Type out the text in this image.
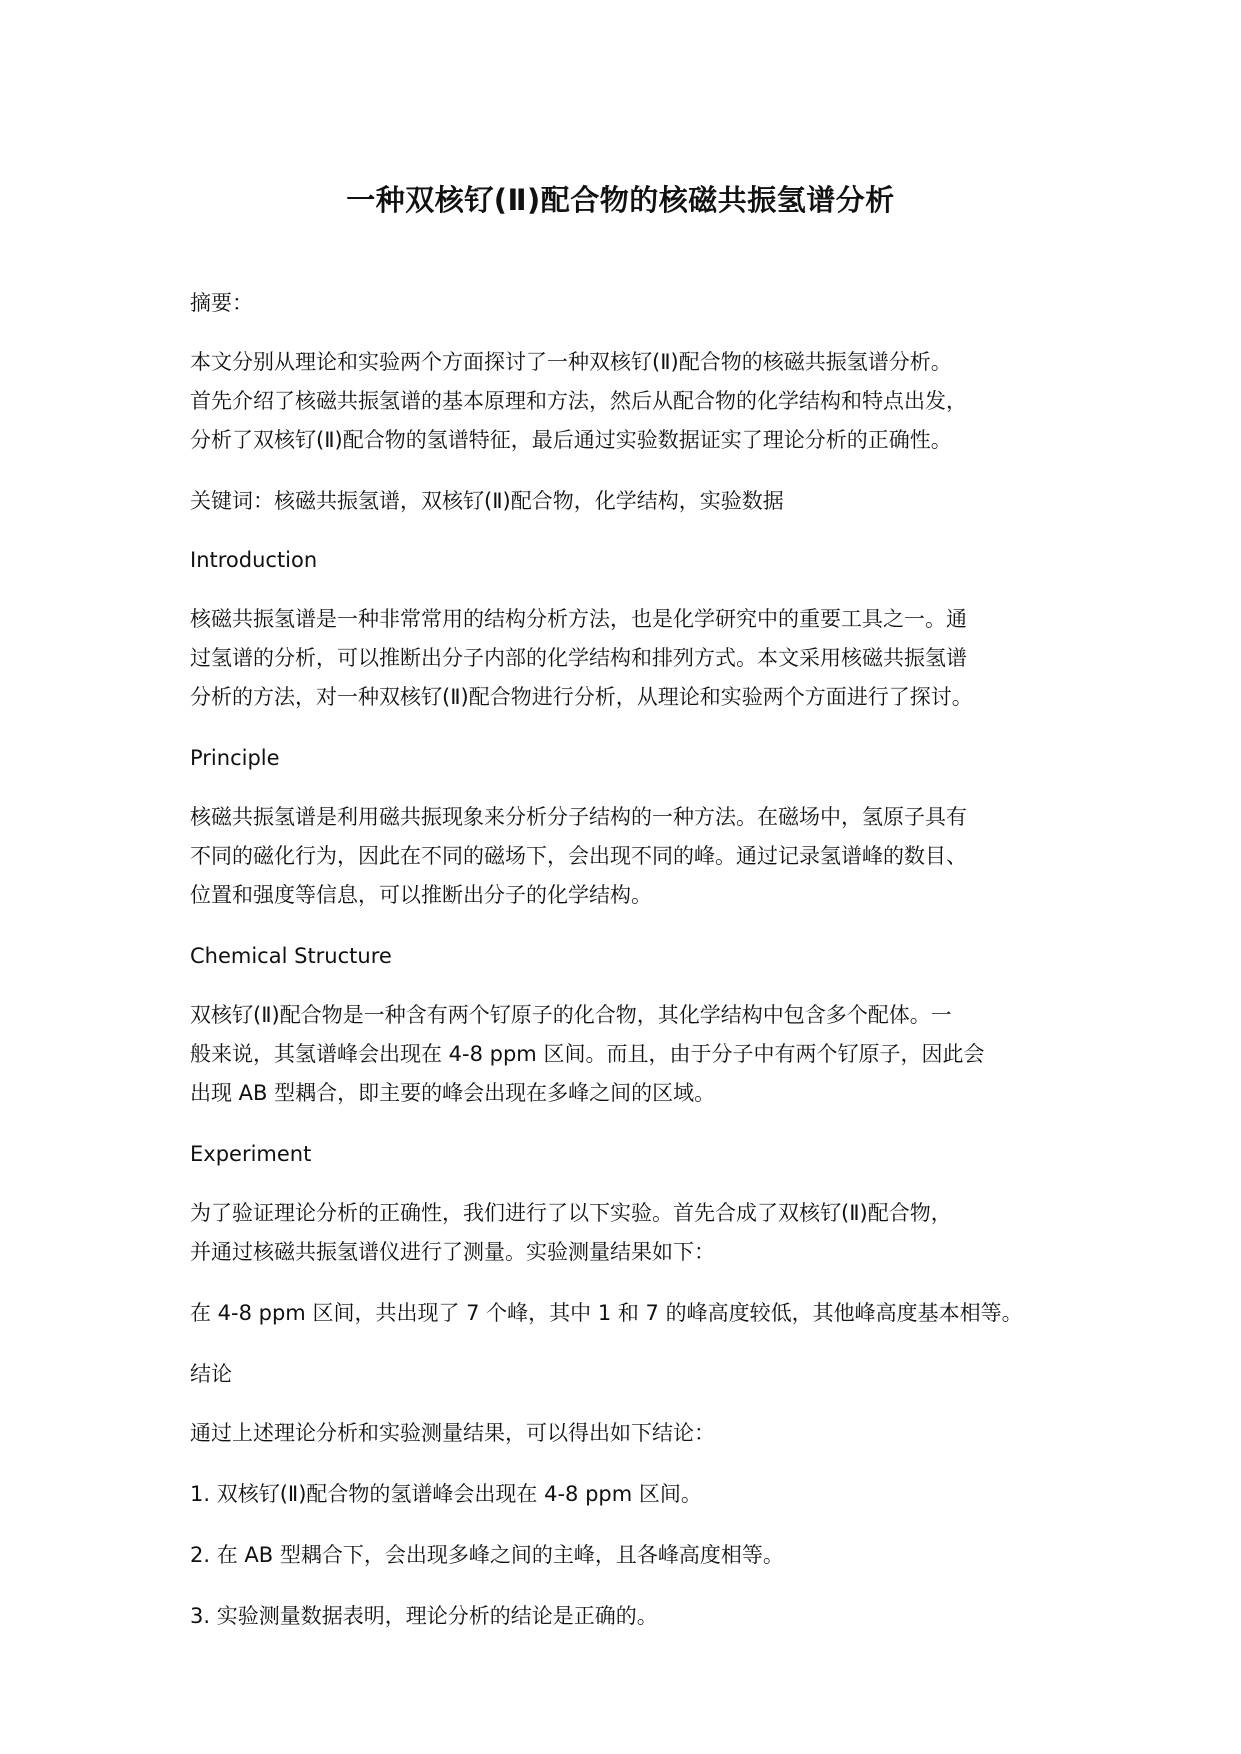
一种双核钌(Ⅱ)配合物的核磁共振氢谱分析
摘要：
本文分别从理论和实验两个方面探讨了一种双核钌(Ⅱ)配合物的核磁共振氢谱分析。
首先介绍了核磁共振氢谱的基本原理和方法，然后从配合物的化学结构和特点出发，
分析了双核钌(Ⅱ)配合物的氢谱特征，最后通过实验数据证实了理论分析的正确性。
关键词：核磁共振氢谱，双核钌(Ⅱ)配合物，化学结构，实验数据
Introduction
核磁共振氢谱是一种非常常用的结构分析方法，也是化学研究中的重要工具之一。通
过氢谱的分析，可以推断出分子内部的化学结构和排列方式。本文采用核磁共振氢谱
分析的方法，对一种双核钌(Ⅱ)配合物进行分析，从理论和实验两个方面进行了探讨。
Principle
核磁共振氢谱是利用磁共振现象来分析分子结构的一种方法。在磁场中，氢原子具有
不同的磁化行为，因此在不同的磁场下，会出现不同的峰。通过记录氢谱峰的数目、
位置和强度等信息，可以推断出分子的化学结构。
Chemical Structure
双核钌(Ⅱ)配合物是一种含有两个钌原子的化合物，其化学结构中包含多个配体。一
般来说，其氢谱峰会出现在 4-8 ppm 区间。而且，由于分子中有两个钌原子，因此会
出现 AB 型耦合，即主要的峰会出现在多峰之间的区域。
Experiment
为了验证理论分析的正确性，我们进行了以下实验。首先合成了双核钌(Ⅱ)配合物，
并通过核磁共振氢谱仪进行了测量。实验测量结果如下：
在 4-8 ppm 区间，共出现了 7 个峰，其中 1 和 7 的峰高度较低，其他峰高度基本相等。
结论
通过上述理论分析和实验测量结果，可以得出如下结论：
1. 双核钌(Ⅱ)配合物的氢谱峰会出现在 4-8 ppm 区间。
2. 在 AB 型耦合下，会出现多峰之间的主峰，且各峰高度相等。
3. 实验测量数据表明，理论分析的结论是正确的。
